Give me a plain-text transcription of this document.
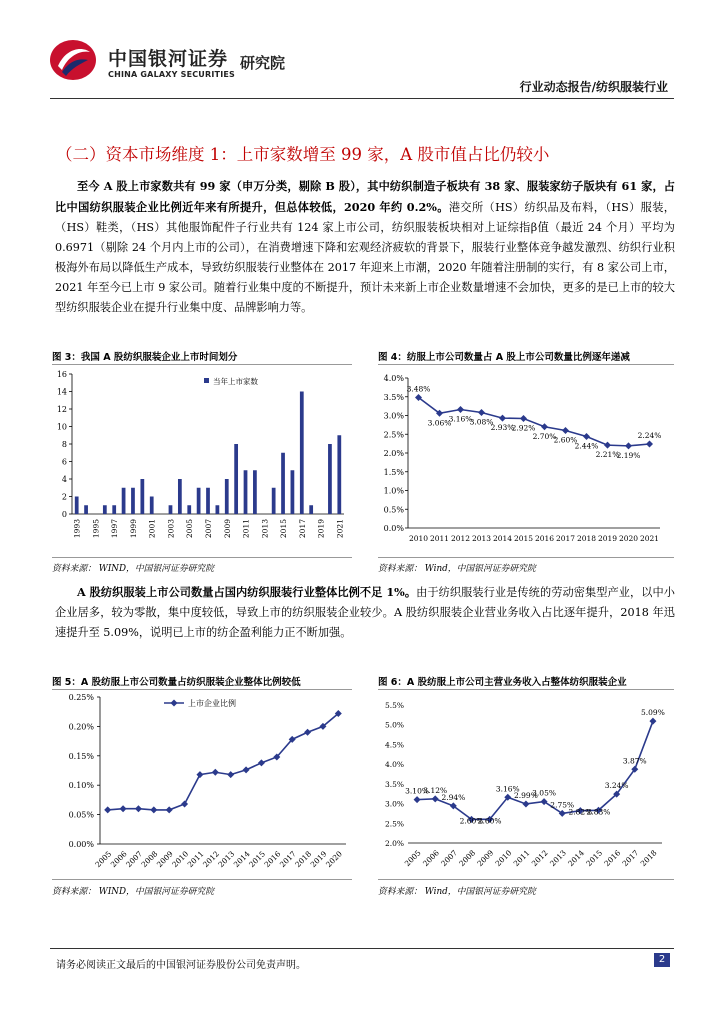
中国银河证券
CHINA GALAXY SECURITIES
研究院
行业动态报告/纺织服装行业
（二）资本市场维度 1：上市家数增至 99 家，A 股市值占比仍较小
至今 A 股上市家数共有 99 家（申万分类，剔除 B 股），其中纺织制造子板块有 38 家、服装家纺子版块有 61 家，占比中国纺织服装企业比例近年来有所提升，但总体较低，2020 年约 0.2%。港交所（HS）纺织品及布料，（HS）服装，（HS）鞋类，（HS）其他服饰配件子行业共有 124 家上市公司，纺织服装板块相对上证综指β值（最近 24 个月）平均为 0.6971（剔除 24 个月内上市的公司），在消费增速下降和宏观经济疲软的背景下，服装行业整体竞争越发激烈、纺织行业积极海外布局以降低生产成本，导致纺织服装行业整体在 2017 年迎来上市潮，2020 年随着注册制的实行，有 8 家公司上市，2021 年至今已上市 9 家公司。随着行业集中度的不断提升，预计未来新上市企业数量增速不会加快，更多的是已上市的较大型纺织服装企业在提升行业集中度、品牌影响力等。
图 3：我国 A 股纺织服装企业上市时间划分	图 4：纺服上市公司数量占 A 股上市公司数量比例逐年递减
0
2
4
6
8
10
12
14
16
1993 1995 1997 1999 2001 2003 2005 2007 2009 2011 2013 2015 2017 2019 2021
当年上市家数
0.0%
0.5%
1.0%
1.5%
2.0%
2.5%
3.0%
3.5%
4.0%
3.48%
3.06%
3.16%
3.08%
2.93%
2.92%
2.70%
2.60%
2.44%
2.21%
2.19%
2.24%
2010 2011 2012 2013 2014 2015 2016 2017 2018 2019 2020 2021
资料来源： WIND，中国银河证券研究院	资料来源： Wind，中国银河证券研究院
A 股纺织服装上市公司数量占国内纺织服装行业整体比例不足 1%。由于纺织服装行业是传统的劳动密集型产业，以中小企业居多，较为零散，集中度较低，导致上市的纺织服装企业较少。A 股纺织服装企业营业务收入占比逐年提升，2018 年迅速提升至 5.09%，说明已上市的纺企盈利能力正不断加强。
图 5：A 股纺服上市公司数量占纺织服装企业整体比例较低	图 6：A 股纺服上市公司主营业务收入占整体纺织服装企业
0.00%
0.05%
0.10%
0.15%
0.20%
0.25%
2005
2006
2007
2008
2009
2010
2011
2012
2013
2014
2015
2016
2017
2018
2019
2020
上市企业比例
2.0%
2.5%
3.0%
3.5%
4.0%
4.5%
5.0%
5.5%
3.10%
3.12%
2.94%
2.60%
2.60%
3.16%
2.99%
3.05%
2.75%
2.82%
2.83%
3.24%
3.87%
5.09%
2005
2006
2007
2008
2009
2010
2011
2012
2013
2014
2015
2016
2017
2018
资料来源： WIND，中国银河证券研究院	资料来源： Wind，中国银河证券研究院
请务必阅读正文最后的中国银河证券股份公司免责声明。
2
